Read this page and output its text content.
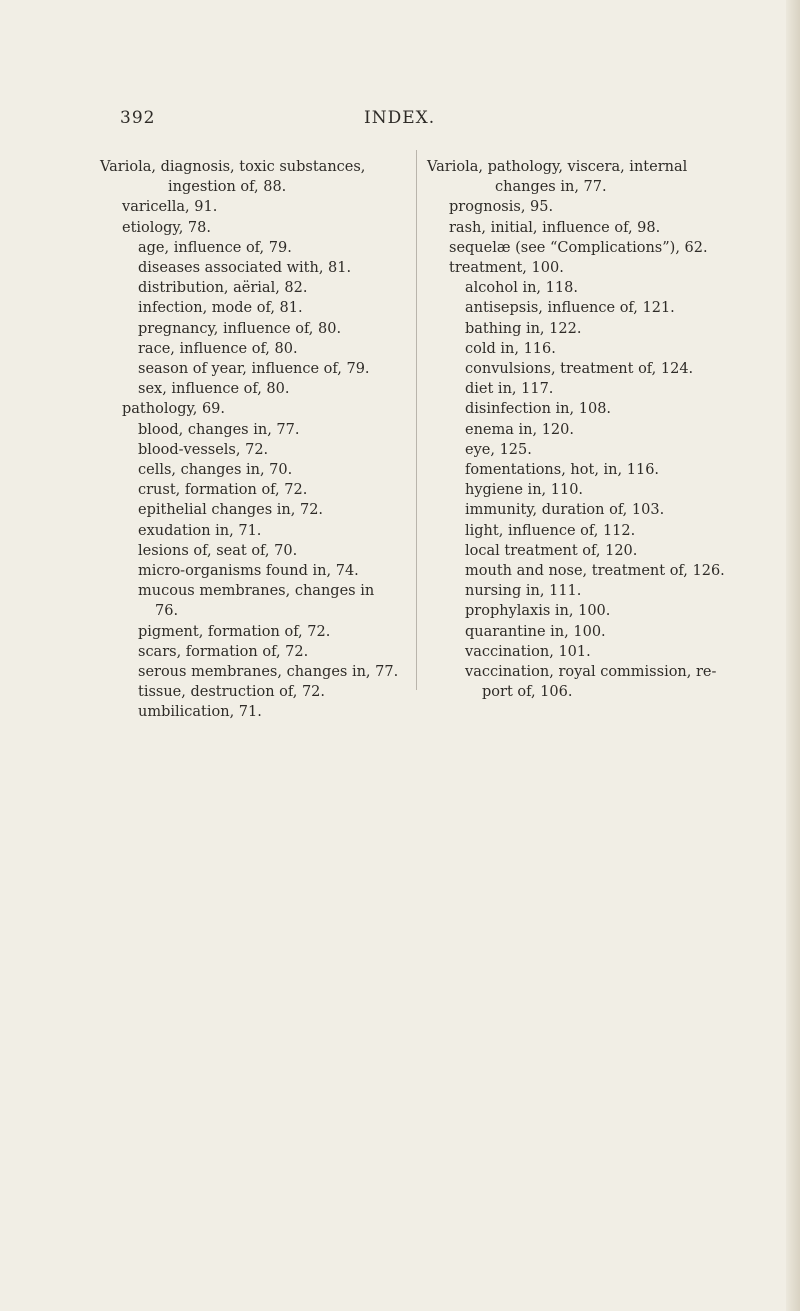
392	INDEX.
Variola, diagnosis, toxic substances,
ingestion of, 88.
varicella, 91.
etiology, 78.
age, influence of, 79.
diseases associated with, 81.
distribution, aërial, 82.
infection, mode of, 81.
pregnancy, influence of, 80.
race, influence of, 80.
season of year, influence of, 79.
sex, influence of, 80.
pathology, 69.
blood, changes in, 77.
blood-vessels, 72.
cells, changes in, 70.
crust, formation of, 72.
epithelial changes in, 72.
exudation in, 71.
lesions of, seat of, 70.
micro-organisms found in, 74.
mucous membranes, changes in
76.
pigment, formation of, 72.
scars, formation of, 72.
serous membranes, changes in, 77.
tissue, destruction of, 72.
umbilication, 71.
Variola, pathology, viscera, internal
changes in, 77.
prognosis, 95.
rash, initial, influence of, 98.
sequelæ (see “Complications”), 62.
treatment, 100.
alcohol in, 118.
antisepsis, influence of, 121.
bathing in, 122.
cold in, 116.
convulsions, treatment of, 124.
diet in, 117.
disinfection in, 108.
enema in, 120.
eye, 125.
fomentations, hot, in, 116.
hygiene in, 110.
immunity, duration of, 103.
light, influence of, 112.
local treatment of, 120.
mouth and nose, treatment of, 126.
nursing in, 111.
prophylaxis in, 100.
quarantine in, 100.
vaccination, 101.
vaccination, royal commission, re-
port of, 106.
